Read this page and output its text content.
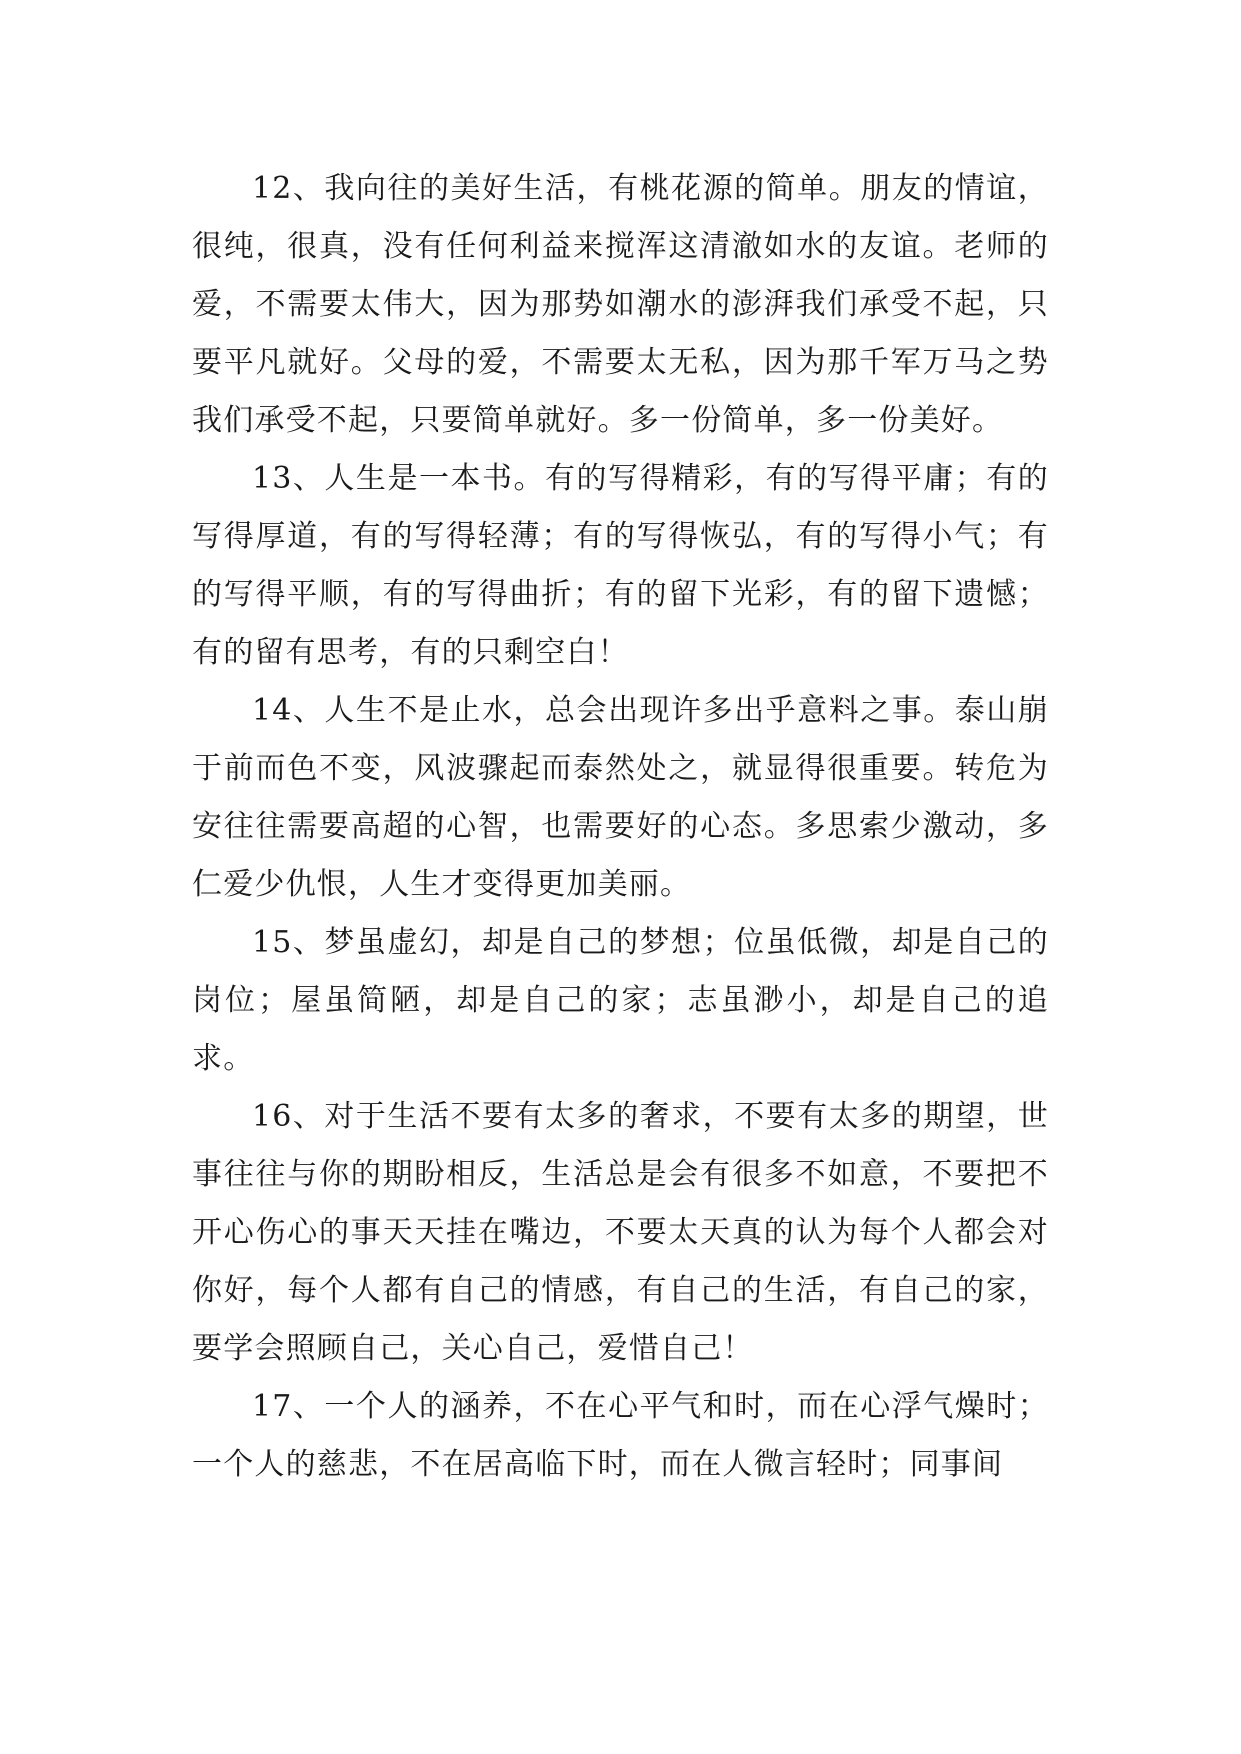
12、我向往的美好生活，有桃花源的简单。朋友的情谊，很纯，很真，没有任何利益来搅浑这清澈如水的友谊。老师的爱，不需要太伟大，因为那势如潮水的澎湃我们承受不起，只要平凡就好。父母的爱，不需要太无私，因为那千军万马之势我们承受不起，只要简单就好。多一份简单，多一份美好。

13、人生是一本书。有的写得精彩，有的写得平庸；有的写得厚道，有的写得轻薄；有的写得恢弘，有的写得小气；有的写得平顺，有的写得曲折；有的留下光彩，有的留下遗憾；有的留有思考，有的只剩空白！

14、人生不是止水，总会出现许多出乎意料之事。泰山崩于前而色不变，风波骤起而泰然处之，就显得很重要。转危为安往往需要高超的心智，也需要好的心态。多思索少激动，多仁爱少仇恨，人生才变得更加美丽。

15、梦虽虚幻，却是自己的梦想；位虽低微，却是自己的岗位；屋虽简陋，却是自己的家；志虽渺小，却是自己的追求。

16、对于生活不要有太多的奢求，不要有太多的期望，世事往往与你的期盼相反，生活总是会有很多不如意，不要把不开心伤心的事天天挂在嘴边，不要太天真的认为每个人都会对你好，每个人都有自己的情感，有自己的生活，有自己的家，要学会照顾自己，关心自己，爱惜自己！

17、一个人的涵养，不在心平气和时，而在心浮气燥时；一个人的慈悲，不在居高临下时，而在人微言轻时；同事间
